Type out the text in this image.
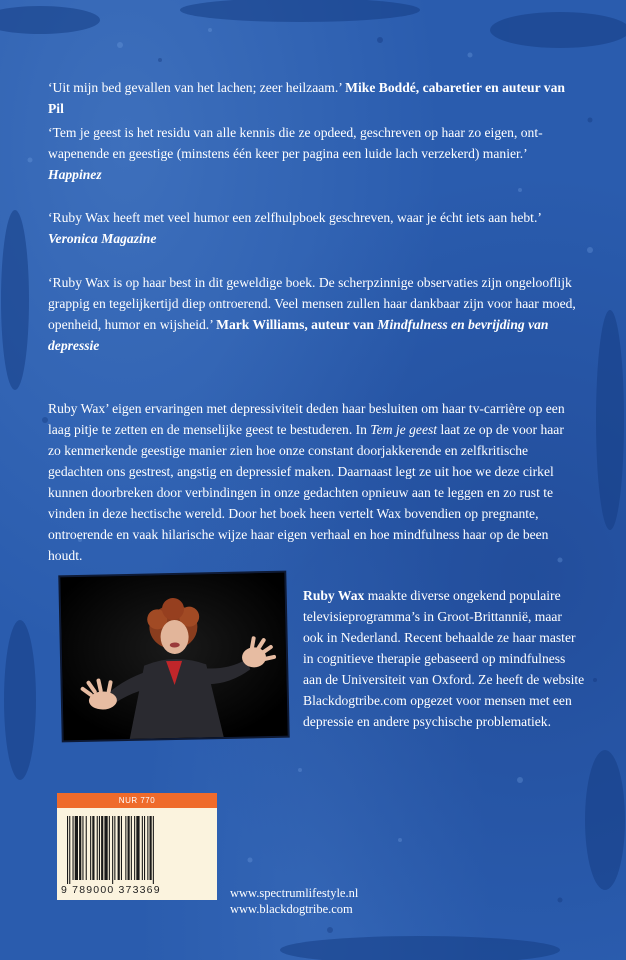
‘Uit mijn bed gevallen van het lachen; zeer heilzaam.’ Mike Boddé, cabaretier en auteur van Pil

‘Tem je geest is het residu van alle kennis die ze opdeed, geschreven op haar zo eigen, ontwapenende en geestige (minstens één keer per pagina een luide lach verzekerd) manier.’ Happinez

‘Ruby Wax heeft met veel humor een zelfhulpboek geschreven, waar je écht iets aan hebt.’ Veronica Magazine

‘Ruby Wax is op haar best in dit geweldige boek. De scherpzinnige observaties zijn ongelooflijk grappig en tegelijkertijd diep ontroerend. Veel mensen zullen haar dankbaar zijn voor haar moed, openheid, humor en wijsheid.’ Mark Williams, auteur van Mindfulness en bevrijding van depressie

Ruby Wax’ eigen ervaringen met depressiviteit deden haar besluiten om haar tv-carrière op een laag pitje te zetten en de menselijke geest te bestuderen. In Tem je geest laat ze op de voor haar zo kenmerkende geestige manier zien hoe onze constant doorjakkerende en zelfkritische gedachten ons gestrest, angstig en depressief maken. Daarnaast legt ze uit hoe we deze cirkel kunnen doorbreken door verbindingen in onze gedachten opnieuw aan te leggen en zo rust te vinden in deze hectische wereld. Door het boek heen vertelt Wax bovendien op pregnante, ontroerende en vaak hilarische wijze haar eigen verhaal en hoe mindfulness haar op de been houdt.

Ruby Wax maakte diverse ongekend populaire televisieprogramma’s in Groot-Brittannië, maar ook in Nederland. Recent behaalde ze haar master in cognitieve therapie gebaseerd op mindfulness aan de Universiteit van Oxford. Ze heeft de website Blackdogtribe.com opgezet voor mensen met een depressie en andere psychische problematiek.

NUR 770
9 789000 373369	www.spectrumlifestyle.nl
www.blackdogtribe.com
